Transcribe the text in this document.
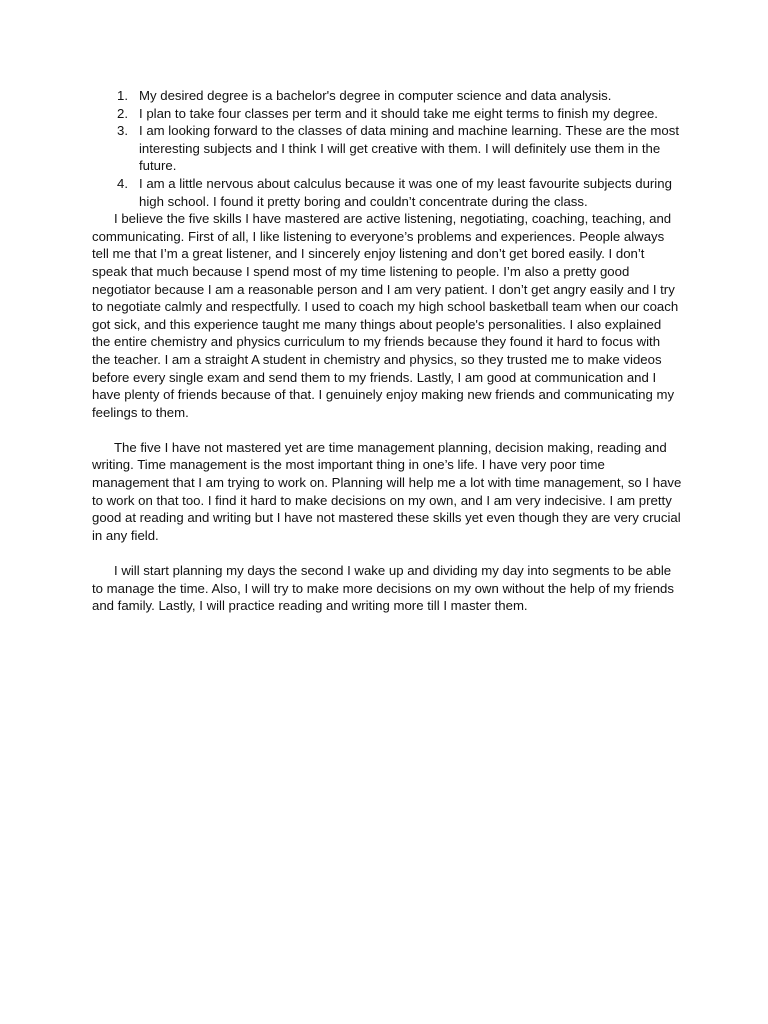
1. My desired degree is a bachelor's degree in computer science and data analysis.
2. I plan to take four classes per term and it should take me eight terms to finish my degree.
3. I am looking forward to the classes of data mining and machine learning. These are the most interesting subjects and I think I will get creative with them. I will definitely use them in the future.
4. I am a little nervous about calculus because it was one of my least favourite subjects during high school. I found it pretty boring and couldn’t concentrate during the class.

I believe the five skills I have mastered are active listening, negotiating, coaching, teaching, and communicating. First of all, I like listening to everyone’s problems and experiences. People always tell me that I’m a great listener, and I sincerely enjoy listening and don’t get bored easily. I don’t speak that much because I spend most of my time listening to people. I’m also a pretty good negotiator because I am a reasonable person and I am very patient. I don’t get angry easily and I try to negotiate calmly and respectfully. I used to coach my high school basketball team when our coach got sick, and this experience taught me many things about people's personalities. I also explained the entire chemistry and physics curriculum to my friends because they found it hard to focus with the teacher. I am a straight A student in chemistry and physics, so they trusted me to make videos before every single exam and send them to my friends. Lastly, I am good at communication and I have plenty of friends because of that. I genuinely enjoy making new friends and communicating my feelings to them.

The five I have not mastered yet are time management planning, decision making, reading and writing. Time management is the most important thing in one’s life. I have very poor time management that I am trying to work on. Planning will help me a lot with time management, so I have to work on that too. I find it hard to make decisions on my own, and I am very indecisive. I am pretty good at reading and writing but I have not mastered these skills yet even though they are very crucial in any field.

I will start planning my days the second I wake up and dividing my day into segments to be able to manage the time. Also, I will try to make more decisions on my own without the help of my friends and family. Lastly, I will practice reading and writing more till I master them.
